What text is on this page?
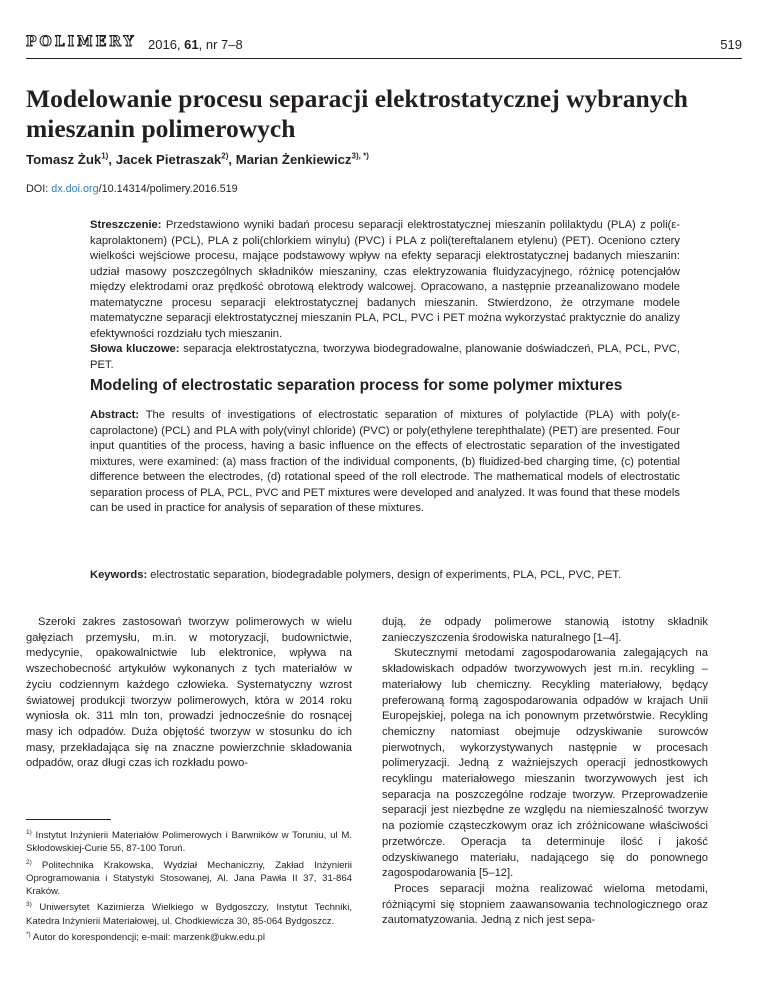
POLIMERY 2016, 61, nr 7–8	519
Modelowanie procesu separacji elektrostatycznej wybranych mieszanin polimerowych
Tomasz Żuk$^{1)}$, Jacek Pietraszak$^{2)}$, Marian Żenkiewicz$^{3), *)}$
DOI: dx.doi.org/10.14314/polimery.2016.519

Streszczenie: Przedstawiono wyniki badań procesu separacji elektrostatycznej mieszanin polilaktydu (PLA) z poli(ε-kaprolaktonem) (PCL), PLA z poli(chlorkiem winylu) (PVC) i PLA z poli(tereftalanem etylenu) (PET). Oceniono cztery wielkości wejściowe procesu, mające podstawowy wpływ na efekty separacji elektrostatycznej badanych mieszanin: udział masowy poszczególnych składników mieszaniny, czas elektryzowania fluidyzacyjnego, różnicę potencjałów między elektrodami oraz prędkość obrotową elektrody walcowej. Opracowano, a następnie przeanalizowano modele matematyczne procesu separacji elektrostatycznej badanych mieszanin. Stwierdzono, że otrzymane modele matematyczne separacji elektrostatycznej mieszanin PLA, PCL, PVC i PET można wykorzystać praktycznie do analizy efektywności rozdziału tych mieszanin.

Słowa kluczowe: separacja elektrostatyczna, tworzywa biodegradowalne, planowanie doświadczeń, PLA, PCL, PVC, PET.

Modeling of electrostatic separation process for some polymer mixtures

Abstract: The results of investigations of electrostatic separation of mixtures of polylactide (PLA) with poly(ε-caprolactone) (PCL) and PLA with poly(vinyl chloride) (PVC) or poly(ethylene terephthalate) (PET) are presented. Four input quantities of the process, having a basic influence on the effects of electrostatic separation of the investigated mixtures, were examined: (a) mass fraction of the individual components, (b) fluidized-bed charging time, (c) potential difference between the electrodes, (d) rotational speed of the roll electrode. The mathematical models of electrostatic separation process of PLA, PCL, PVC and PET mixtures were developed and analyzed. It was found that these models can be used in practice for analysis of separation of these mixtures.

Keywords: electrostatic separation, biodegradable polymers, design of experiments, PLA, PCL, PVC, PET.

Szeroki zakres zastosowań tworzyw polimerowych w wielu gałęziach przemysłu, m.in. w motoryzacji, budownictwie, medycynie, opakowalnictwie lub elektronice, wpływa na wszechobecność artykułów wykonanych z tych materiałów w życiu codziennym każdego człowieka. Systematyczny wzrost światowej produkcji tworzyw polimerowych, która w 2014 roku wyniosła ok. 311 mln ton, prowadzi jednocześnie do rosnącej masy ich odpadów. Duża objętość tworzyw w stosunku do ich masy, przekładająca się na znaczne powierzchnie składowania odpadów, oraz długi czas ich rozkładu powo-

dują, że odpady polimerowe stanowią istotny składnik zanieczyszczenia środowiska naturalnego [1–4].

Skutecznymi metodami zagospodarowania zalegających na składowiskach odpadów tworzywowych jest m.in. recykling – materiałowy lub chemiczny. Recykling materiałowy, będący preferowaną formą zagospodarowania odpadów w krajach Unii Europejskiej, polega na ich ponownym przetwórstwie. Recykling chemiczny natomiast obejmuje odzyskiwanie surowców pierwotnych, wykorzystywanych następnie w procesach polimeryzacji. Jedną z ważniejszych operacji jednostkowych recyklingu materiałowego mieszanin tworzywowych jest ich separacja na poszczególne rodzaje tworzyw. Przeprowadzenie separacji jest niezbędne ze względu na niemieszalność tworzyw na poziomie cząsteczkowym oraz ich zróżnicowane właściwości przetwórcze. Operacja ta determinuje ilość i jakość odzyskiwanego materiału, nadającego się do ponownego zagospodarowania [5–12].

Proces separacji można realizować wieloma metodami, różniącymi się stopniem zaawansowania technologicznego oraz zautomatyzowania. Jedną z nich jest sepa-

$^{1)}$ Instytut Inżynierii Materiałów Polimerowych i Barwników w Toruniu, ul M. Skłodowskiej-Curie 55, 87-100 Toruń.

$^{2)}$ Politechnika Krakowska, Wydział Mechaniczny, Zakład Inżynierii Oprogramowania i Statystyki Stosowanej, Al. Jana Pawła II 37, 31-864 Kraków.

$^{3)}$ Uniwersytet Kazimierza Wielkiego w Bydgoszczy, Instytut Techniki, Katedra Inżynierii Materiałowej, ul. Chodkiewicza 30, 85-064 Bydgoszcz.

*) Autor do korespondencji; e-mail: marzenk@ukw.edu.pl
